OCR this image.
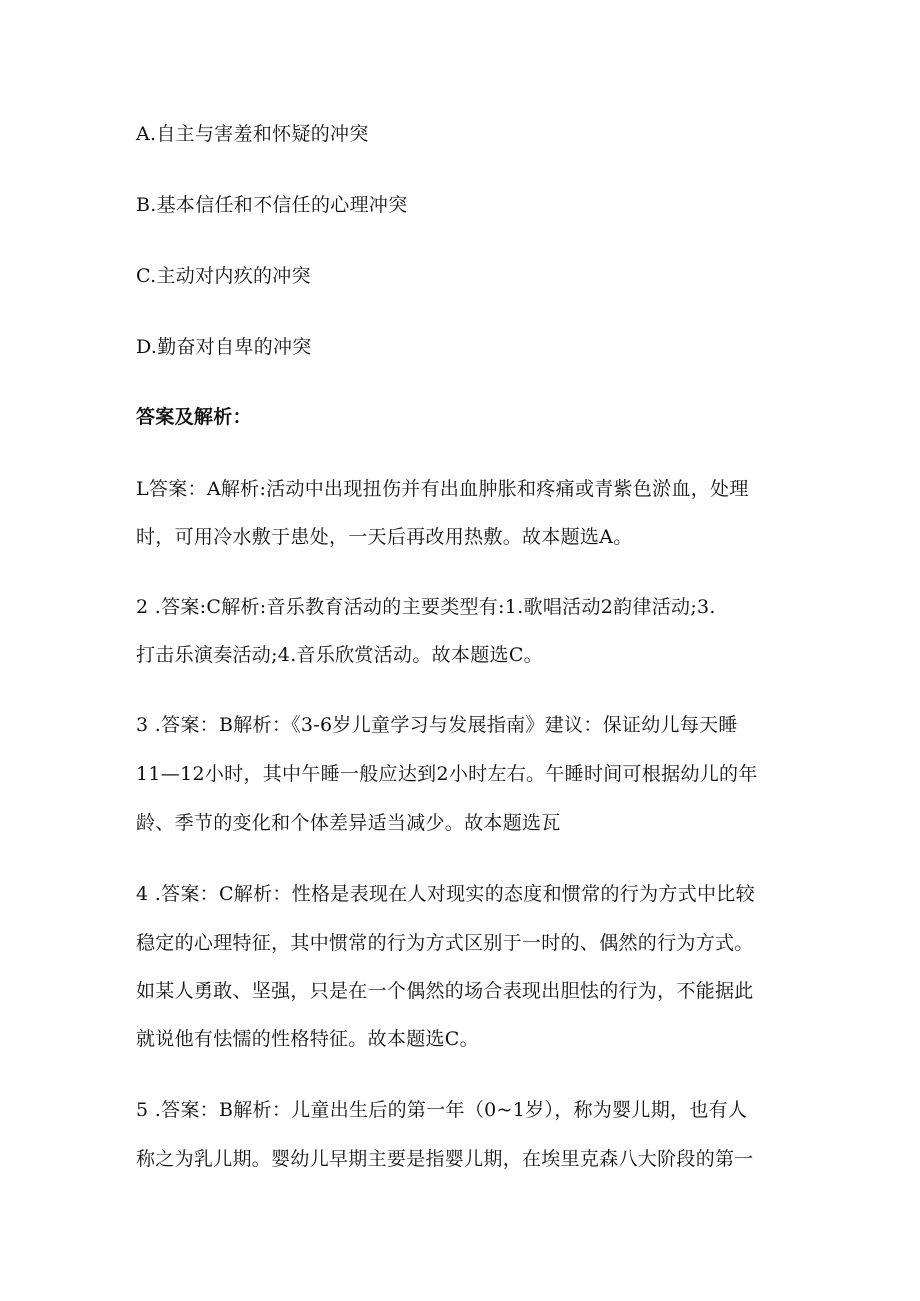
A.自主与害羞和怀疑的冲突
B.基本信任和不信任的心理冲突
C.主动对内疚的冲突
D.勤奋对自卑的冲突
答案及解析：
L答案：A解析:活动中出现扭伤并有出血肿胀和疼痛或青紫色淤血，处理
时，可用冷水敷于患处，一天后再改用热敷。故本题选A。
2 .答案:C解析:音乐教育活动的主要类型有:1.歌唱活动2韵律活动;3.
打击乐演奏活动;4.音乐欣赏活动。故本题选C。
3 .答案：B解析：《3-6岁儿童学习与发展指南》建议：保证幼儿每天睡
11—12小时，其中午睡一般应达到2小时左右。午睡时间可根据幼儿的年
龄、季节的变化和个体差异适当减少。故本题选瓦
4 .答案：C解析：性格是表现在人对现实的态度和惯常的行为方式中比较
稳定的心理特征，其中惯常的行为方式区别于一时的、偶然的行为方式。
如某人勇敢、坚强，只是在一个偶然的场合表现出胆怯的行为，不能据此
就说他有怯懦的性格特征。故本题选C。
5 .答案：B解析：儿童出生后的第一年（0~1岁），称为婴儿期，也有人
称之为乳儿期。婴幼儿早期主要是指婴儿期，在埃里克森八大阶段的第一
